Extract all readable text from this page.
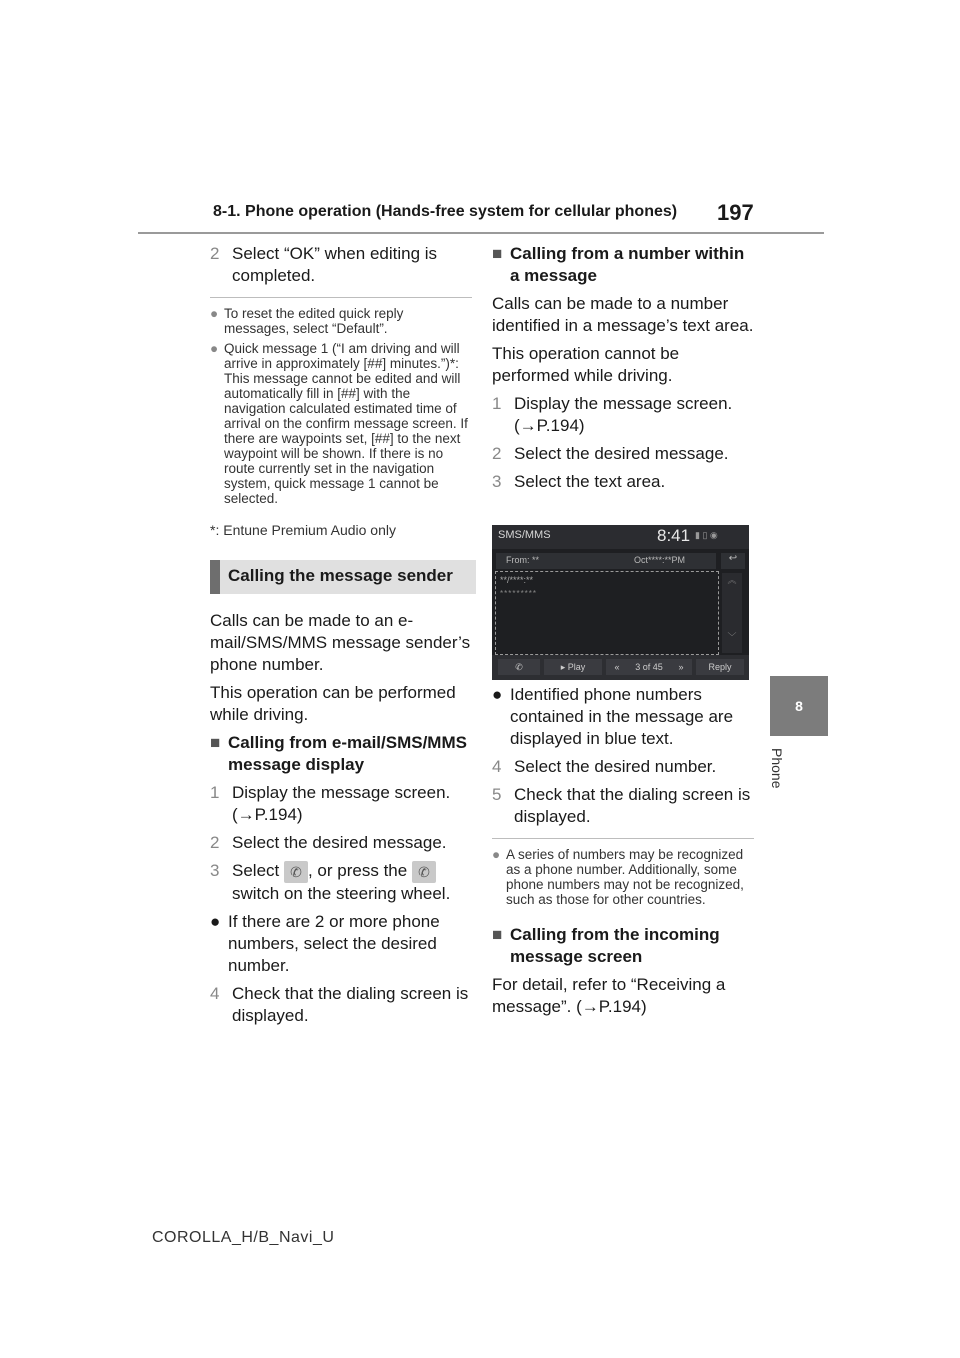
8-1. Phone operation (Hands-free system for cellular phones) 197
8
Phone
2 Select “OK” when editing is completed.
● To reset the edited quick reply messages, select “Default”.
● Quick message 1 (“I am driving and will arrive in approximately [##] minutes.”)*: This message cannot be edited and will automatically fill in [##] with the navigation calculated estimated time of arrival on the confirm message screen. If there are waypoints set, [##] to the next waypoint will be shown. If there is no route currently set in the navigation system, quick message 1 cannot be selected.
*: Entune Premium Audio only
Calling the message sender
Calls can be made to an e-mail/SMS/MMS message sender’s phone number.
This operation can be performed while driving.
■ Calling from e-mail/SMS/MMS message display
1 Display the message screen. (→P.194)
2 Select the desired message.
3 Select ✆ , or press the ✆ switch on the steering wheel.
● If there are 2 or more phone numbers, select the desired number.
4 Check that the dialing screen is displayed.
■ Calling from a number within a message
Calls can be made to a number identified in a message’s text area.
This operation cannot be performed while driving.
1 Display the message screen. (→P.194)
2 Select the desired message.
3 Select the text area.
SMS/MMS	8:41 ▮ ▯ ◉
From: **	Oct****:**PM	↩
**/****:**
*********
︽
﹀
✆	▸ Play	«	3 of 45	»	Reply
● Identified phone numbers contained in the message are displayed in blue text.
4 Select the desired number.
5 Check that the dialing screen is displayed.
● A series of numbers may be recognized as a phone number. Additionally, some phone numbers may not be recognized, such as those for other countries.
■ Calling from the incoming message screen
For detail, refer to “Receiving a message”. (→P.194)
COROLLA_H/B_Navi_U
